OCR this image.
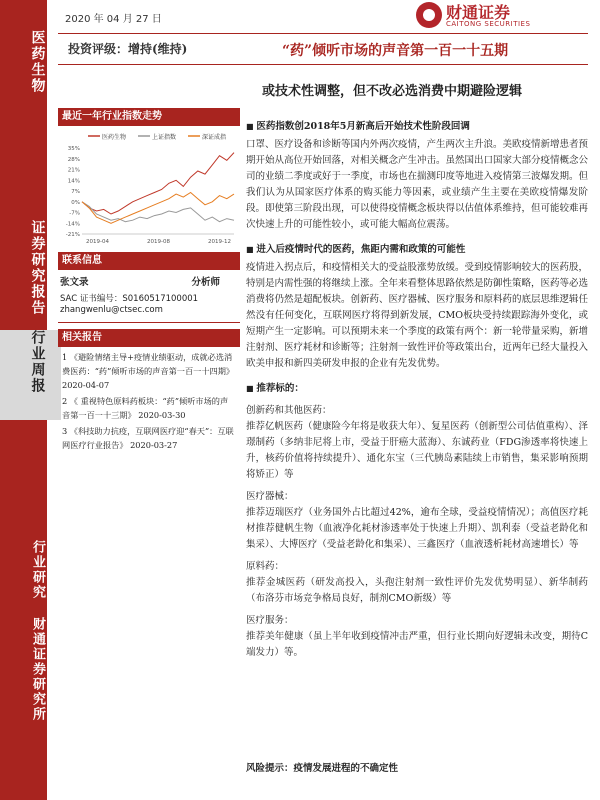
医药生物
证券研究报告
行业周报
行业研究 财通证券研究所
2020 年 04 月 27 日	财通证券
CAITONG SECURITIES
投资评级：增持(维持)	“药”倾听市场的声音第一百一十五期
或技术性调整，但不改必选消费中期避险逻辑
最近一年行业指数走势
医药生物	上证指数	深证成指
35%
28%
21%
14%
7%
0%
-7%
-14%
-21%
2019-04	2019-08	2019-12
联系信息
张文录	分析师
SAC 证书编号：S0160517100001
zhangwenlu@ctsec.com
相关报告
1 《避险情绪主导+疫情业绩驱动，成就必选消费医药：“药”倾听市场的声音第一百一十四期》 2020-04-07
2 《 重视特色原料药板块：“药”倾听市场的声音第一百一十三期》 2020-03-30
3 《科技助力抗疫，互联网医疗迎“春天”：互联网医疗行业报告》 2020-03-27
■ 医药指数创2018年5月新高后开始技术性阶段回调
口罩、医疗设备和诊断等国内外两次疫情，产生两次主升浪。美欧疫情新增患者预期开始从高位开始回落，对相关概念产生冲击。虽然国出口国家大部分疫情概念公司的业绩二季度或好于一季度，市场也在揣测印度等地进入疫情第三波爆发期。但我们认为从国家医疗体系的购买能力等因素，或业绩产生主要在美欧疫情爆发阶段。即使第三阶段出现，可以使得疫情概念板块得以估值体系维持，但可能较难再次快速上升的可能性较小，或可能大幅高位震荡。
■ 进入后疫情时代的医药，焦距内需和政策的可能性
疫情进入拐点后，和疫情相关大的受益股涨势放缓。受到疫情影响较大的医药股，特别是内需性强的将继续上涨。全年来看整体思路依然是防御性策略，医药等必选消费将仍然是超配板块。创新药、医疗器械、医疗服务和原料药的底层思维逻辑任然没有任何变化，互联网医疗将得到新发展，CMO板块受持续跟踪海外变化，或短期产生一定影响。可以预期未来一个季度的政策有两个：新一轮带量采购，新增注射剂、医疗耗材和诊断等；注射剂一致性评价等政策出台，近两年已经大量投入欧美申报和新四美研发申报的企业有先发优势。
■ 推荐标的：
创新药和其他医药：
推荐亿帆医药（健康险今年将是收获大年）、复星医药（创新型公司估值重构）、泽璟制药（多纳非尼将上市，受益于肝癌大蓝海）、东诚药业（FDG渗透率将快速上升，核药价值将持续提升）、通化东宝（三代胰岛素陆续上市销售，集采影响预期将矫正）等
医疗器械：
推荐迈瑞医疗（业务国外占比超过42%，逾布全球，受益疫情情况）；高值医疗耗材推荐健帆生物（血液净化耗材渗透率处于快速上升期）、凯利泰（受益老龄化和集采）、大博医疗（受益老龄化和集采）、三鑫医疗（血液透析耗材高速增长）等
原料药：
推荐金城医药（研发高投入，头孢注射剂一致性评价先发优势明显）、新华制药（布洛芬市场竞争格局良好，制剂CMO新级）等
医疗服务：
推荐美年健康（虽上半年收到疫情冲击严重，但行业长期向好逻辑未改变，期待C端发力）等。
风险提示：疫情发展进程的不确定性
